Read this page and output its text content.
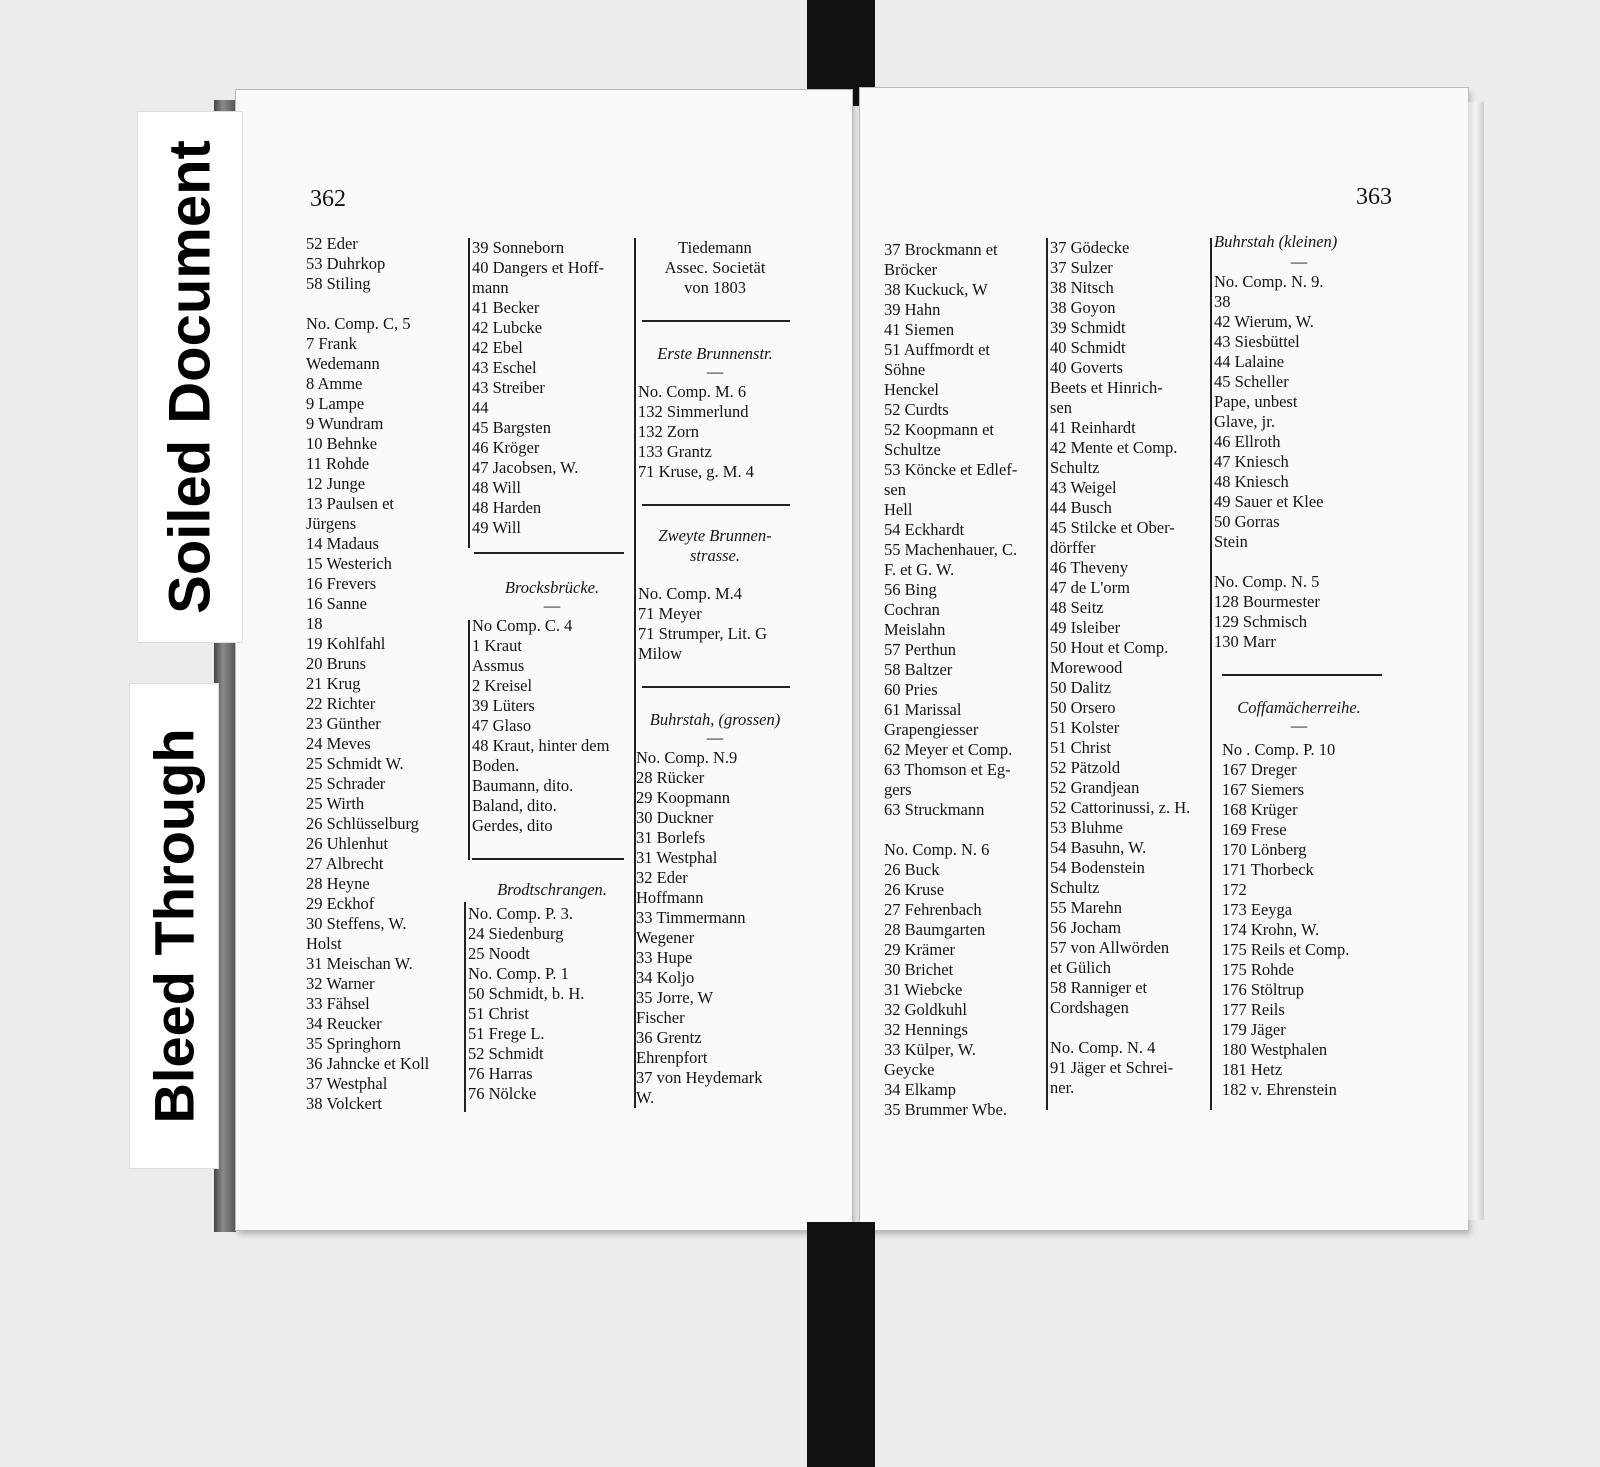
362
52 Eder
53 Duhrkop
58 Stiling
No. Comp. C, 5
7 Frank
Wedemann
8 Amme
9 Lampe
9 Wundram
10 Behnke
11 Rohde
12 Junge
13 Paulsen et
Jürgens
14 Madaus
15 Westerich
16 Frevers
16 Sanne
18
19 Kohlfahl
20 Bruns
21 Krug
22 Richter
23 Günther
24 Meves
25 Schmidt W.
25 Schrader
25 Wirth
26 Schlüsselburg
26 Uhlenhut
27 Albrecht
28 Heyne
29 Eckhof
30 Steffens, W.
Holst
31 Meischan W.
32 Warner
33 Fähsel
34 Reucker
35 Springhorn
36 Jahncke et Koll
37 Westphal
38 Volckert
39 Sonneborn
40 Dangers et Hoff-
mann
41 Becker
42 Lubcke
42 Ebel
43 Eschel
43 Streiber
44
45 Bargsten
46 Kröger
47 Jacobsen, W.
48 Will
48 Harden
49 Will
Brocksbrücke.
—
No Comp. C. 4
1 Kraut
Assmus
2 Kreisel
39 Lüters
47 Glaso
48 Kraut, hinter dem
Boden.
Baumann, dito.
Baland, dito.
Gerdes, dito
Brodtschrangen.
No. Comp. P. 3.
24 Siedenburg
25 Noodt
No. Comp. P. 1
50 Schmidt, b. H.
51 Christ
51 Frege L.
52 Schmidt
76 Harras
76 Nölcke
Tiedemann
Assec. Societät
von 1803
Erste Brunnenstr.
—
No. Comp. M. 6
132 Simmerlund
132 Zorn
133 Grantz
71 Kruse, g. M. 4
Zweyte Brunnen-
strasse.
No. Comp. M.4
71 Meyer
71 Strumper, Lit. G
Milow
Buhrstah, (grossen)
—
No. Comp. N.9
28 Rücker
29 Koopmann
30 Duckner
31 Borlefs
31 Westphal
32 Eder
Hoffmann
33 Timmermann
Wegener
33 Hupe
34 Koljo
35 Jorre, W
Fischer
36 Grentz
Ehrenpfort
37 von Heydemark
W.
363
37 Brockmann et
Bröcker
38 Kuckuck, W
39 Hahn
41 Siemen
51 Auffmordt et
Söhne
Henckel
52 Curdts
52 Koopmann et
Schultze
53 Köncke et Edlef-
sen
Hell
54 Eckhardt
55 Machenhauer, C.
F. et G. W.
56 Bing
Cochran
Meislahn
57 Perthun
58 Baltzer
60 Pries
61 Marissal
Grapengiesser
62 Meyer et Comp.
63 Thomson et Eg-
gers
63 Struckmann
No. Comp. N. 6
26 Buck
26 Kruse
27 Fehrenbach
28 Baumgarten
29 Krämer
30 Brichet
31 Wiebcke
32 Goldkuhl
32 Hennings
33 Külper, W.
Geycke
34 Elkamp
35 Brummer Wbe.
37 Gödecke
37 Sulzer
38 Nitsch
38 Goyon
39 Schmidt
40 Schmidt
40 Goverts
Beets et Hinrich-
sen
41 Reinhardt
42 Mente et Comp.
Schultz
43 Weigel
44 Busch
45 Stilcke et Ober-
dörffer
46 Theveny
47 de L'orm
48 Seitz
49 Isleiber
50 Hout et Comp.
Morewood
50 Dalitz
50 Orsero
51 Kolster
51 Christ
52 Pätzold
52 Grandjean
52 Cattorinussi, z. H.
53 Bluhme
54 Basuhn, W.
54 Bodenstein
Schultz
55 Marehn
56 Jocham
57 von Allwörden
et Gülich
58 Ranniger et
Cordshagen
No. Comp. N. 4
91 Jäger et Schrei-
ner.
Buhrstah (kleinen)
—
No. Comp. N. 9.
38
42 Wierum, W.
43 Siesbüttel
44 Lalaine
45 Scheller
Pape, unbest
Glave, jr.
46 Ellroth
47 Kniesch
48 Kniesch
49 Sauer et Klee
50 Gorras
Stein
No. Comp. N. 5
128 Bourmester
129 Schmisch
130 Marr
Coffamächerreihe.
—
No . Comp. P. 10
167 Dreger
167 Siemers
168 Krüger
169 Frese
170 Lönberg
171 Thorbeck
172
173 Eeyga
174 Krohn, W.
175 Reils et Comp.
175 Rohde
176 Stöltrup
177 Reils
179 Jäger
180 Westphalen
181 Hetz
182 v. Ehrenstein
Soiled Document
Bleed Through
